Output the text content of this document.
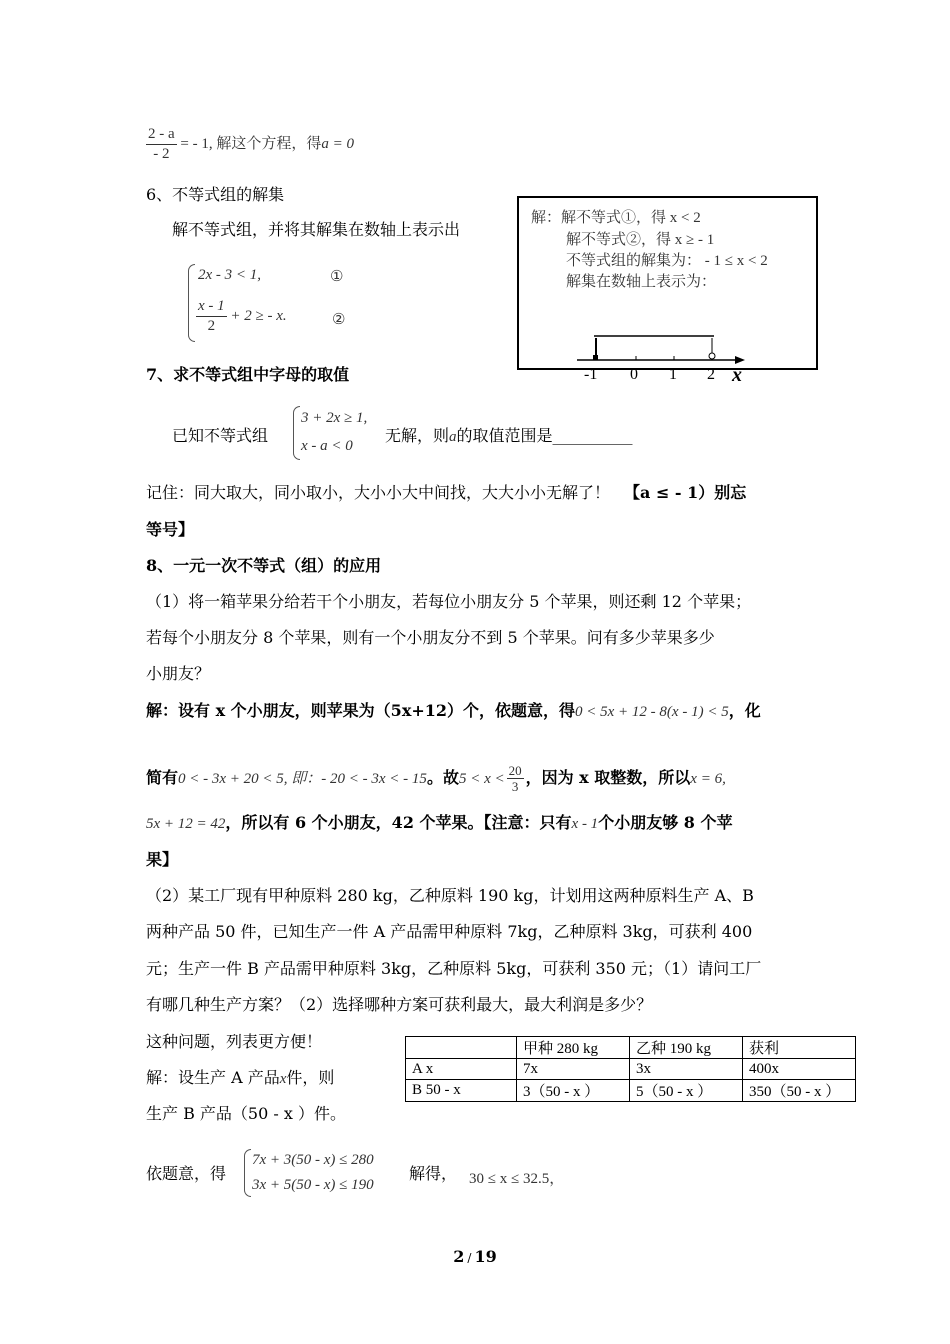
$\frac{2 - a}{- 2}$ = - 1, 解这个方程，得a = 0
6、不等式组的解集
解不等式组，并将其解集在数轴上表示出
2x - 3 < 1,	①
$\frac{x - 1}{2} + 2$ ≥ - x.	②
解：解不等式①，得 x < 2
解不等式②，得 x ≥ - 1
不等式组的解集为： - 1 ≤ x < 2
解集在数轴上表示为：
-1 0 1 2 x
7、求不等式组中字母的取值
已知不等式组
3 + 2x ≥ 1,
x - a < 0
无解，则a的取值范围是__________
记住：同大取大，同小取小，大小小大中间找，大大小小无解了！ 【a ≤ - 1）别忘
等号】
8、一元一次不等式（组）的应用
（1）将一箱苹果分给若干个小朋友，若每位小朋友分 5 个苹果，则还剩 12 个苹果；
若每个小朋友分 8 个苹果，则有一个小朋友分不到 5 个苹果。问有多少苹果多少
小朋友？
解：设有 x 个小朋友，则苹果为（5x+12）个，依题意，得0 < 5x + 12 - 8(x - 1) < 5，化
简有0 < - 3x + 20 < 5, 即：- 20 < - 3x < - 15。故$5 < x < \frac{20}{3}$ ，因为 x 取整数，所以x = 6,
5x + 12 = 42，所以有 6 个小朋友，42 个苹果。【注意：只有x - 1个小朋友够 8 个苹
果】
（2）某工厂现有甲种原料 280 kg，乙种原料 190 kg，计划用这两种原料生产 A、B
两种产品 50 件，已知生产一件 A 产品需甲种原料 7kg，乙种原料 3kg，可获利 400
元；生产一件 B 产品需甲种原料 3kg，乙种原料 5kg，可获利 350 元；（1）请问工厂
有哪几种生产方案？（2）选择哪种方案可获利最大，最大利润是多少？
这种问题，列表更方便！
解：设生产 A 产品x件，则
生产 B 产品（50 - x ）件。
	甲种 280 kg	乙种 190 kg	获利
A x	7x	3x	400x
B 50 - x	3（50 - x ）	5（50 - x ）	350（50 - x ）
依题意，得
7x + 3(50 - x) ≤ 280
3x + 5(50 - x) ≤ 190
解得， 30 ≤ x ≤ 32.5，
2 / 19
